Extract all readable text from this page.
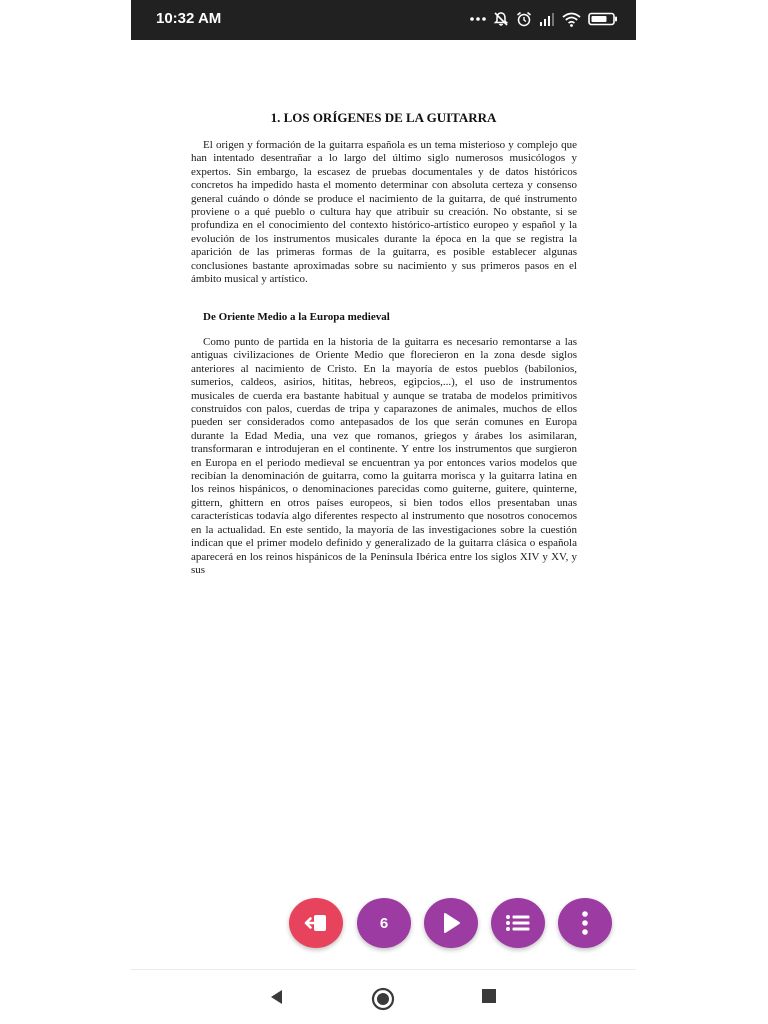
10:32 AM
1. LOS ORÍGENES DE LA GUITARRA

El origen y formación de la guitarra española es un tema misterioso y complejo que han intentado desentrañar a lo largo del último siglo numerosos musicólogos y expertos. Sin embargo, la escasez de pruebas documentales y de datos históricos concretos ha impedido hasta el momento determinar con absoluta certeza y consenso general cuándo o dónde se produce el nacimiento de la guitarra, de qué instrumento proviene o a qué pueblo o cultura hay que atribuir su creación. No obstante, si se profundiza en el conocimiento del contexto histórico-artístico europeo y español y la evolución de los instrumentos musicales durante la época en la que se registra la aparición de las primeras formas de la guitarra, es posible establecer algunas conclusiones bastante aproximadas sobre su nacimiento y sus primeros pasos en el ámbito musical y artístico.

De Oriente Medio a la Europa medieval

Como punto de partida en la historia de la guitarra es necesario remontarse a las antiguas civilizaciones de Oriente Medio que florecieron en la zona desde siglos anteriores al nacimiento de Cristo. En la mayoría de estos pueblos (babilonios, sumerios, caldeos, asirios, hititas, hebreos, egipcios,...), el uso de instrumentos musicales de cuerda era bastante habitual y aunque se trataba de modelos primitivos construidos con palos, cuerdas de tripa y caparazones de animales, muchos de ellos pueden ser considerados como antepasados de los que serán comunes en Europa durante la Edad Media, una vez que romanos, griegos y árabes los asimilaran, transformaran e introdujeran en el continente. Y entre los instrumentos que surgieron en Europa en el periodo medieval se encuentran ya por entonces varios modelos que recibían la denominación de guitarra, como la guitarra morisca y la guitarra latina en los reinos hispánicos, o denominaciones parecidas como guiterne, guitere, quinterne, gittern, ghittern en otros países europeos, si bien todos ellos presentaban unas características todavía algo diferentes respecto al instrumento que nosotros conocemos en la actualidad. En este sentido, la mayoría de las investigaciones sobre la cuestión indican que el primer modelo definido y generalizado de la guitarra clásica o española aparecerá en los reinos hispánicos de la Península Ibérica entre los siglos XIV y XV, y sus

6
